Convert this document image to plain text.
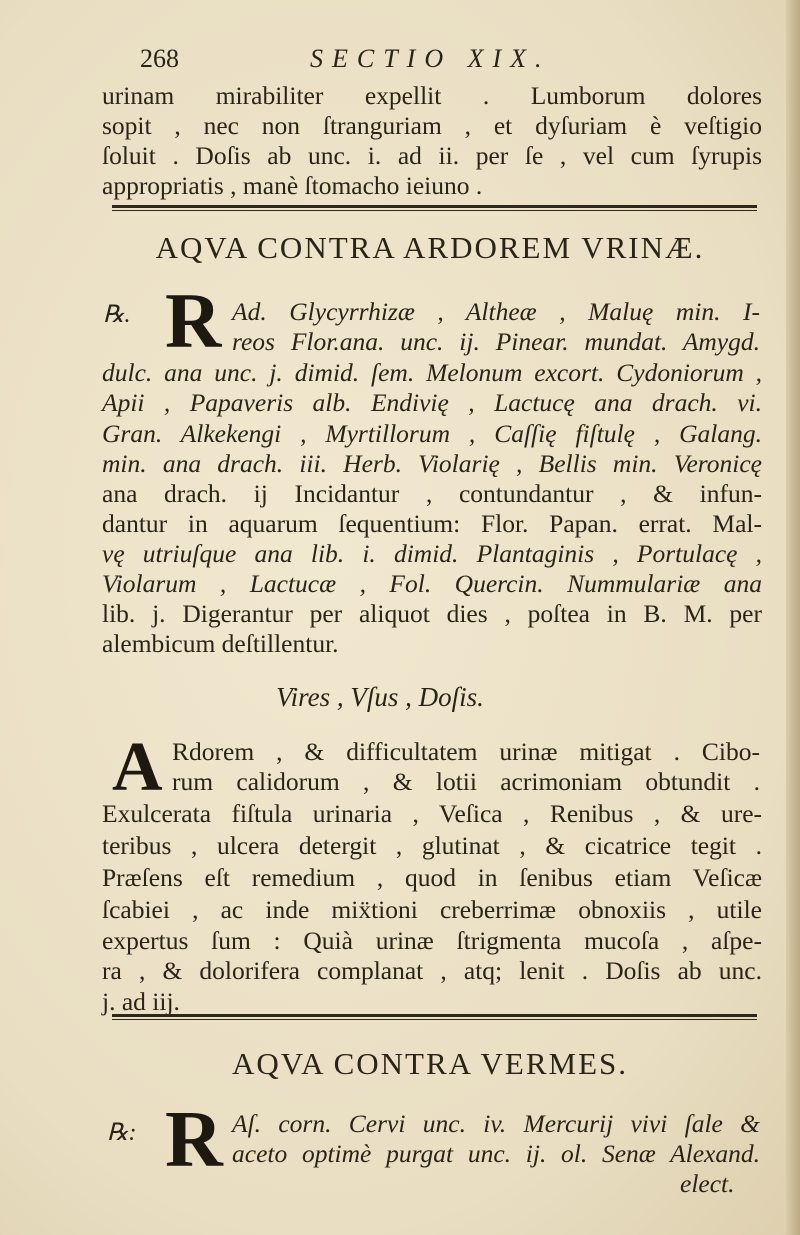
268	SECTIO XIX.
urinam mirabiliter expellit . Lumborum dolores
sopit , nec non ſtranguriam , et dyſuriam è veſtigio
ſoluit . Doſis ab unc. i. ad ii. per ſe , vel cum ſyrupis
appropriatis , manè ſtomacho ieiuno .
AQVA CONTRA ARDOREM VRINÆ.
℞. R Ad. Glycyrrhizæ , Altheæ , Maluę min. I-
reos Flor.ana. unc. ij. Pinear. mundat. Amygd.
dulc. ana unc. j. dimid. ſem. Melonum excort. Cydoniorum ,
Apii , Papaveris alb. Endivię , Lactucę ana drach. vi.
Gran. Alkekengi , Myrtillorum , Caſſię fiſtulę , Galang.
min. ana drach. iii. Herb. Violarię , Bellis min. Veronicę
ana drach. ij Incidantur , contundantur , & infun-
dantur in aquarum ſequentium: Flor. Papan. errat. Mal-
vę utriuſque ana lib. i. dimid. Plantaginis , Portulacę ,
Violarum , Lactucæ , Fol. Quercin. Nummulariæ ana
lib. j. Digerantur per aliquot dies , poſtea in B. M. per
alembicum deſtillentur.
Vires , Vſus , Doſis.
A Rdorem , & difficultatem urinæ mitigat . Cibo-
rum calidorum , & lotii acrimoniam obtundit .
Exulcerata fiſtula urinaria , Veſica , Renibus , & ure-
teribus , ulcera detergit , glutinat , & cicatrice tegit .
Præſens eſt remedium , quod in ſenibus etiam Veſicæ
ſcabiei , ac inde miẍtioni creberrimæ obnoxiis , utile
expertus ſum : Quià urinæ ſtrigmenta mucoſa , aſpe-
ra , & dolorifera complanat , atq; lenit . Doſis ab unc.
j. ad iij.
AQVA CONTRA VERMES.
℞: R Aſ. corn. Cervi unc. iv. Mercurij vivi ſale &
aceto optimè purgat unc. ij. ol. Senæ Alexand.
elect.
